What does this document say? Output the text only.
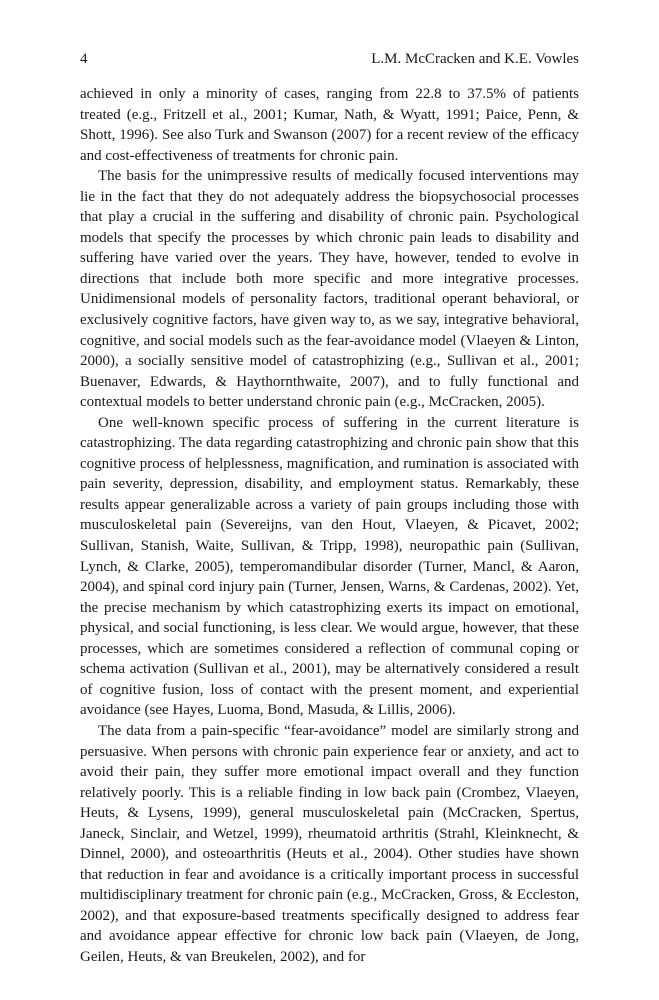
4	L.M. McCracken and K.E. Vowles

achieved in only a minority of cases, ranging from 22.8 to 37.5% of patients treated (e.g., Fritzell et al., 2001; Kumar, Nath, & Wyatt, 1991; Paice, Penn, & Shott, 1996). See also Turk and Swanson (2007) for a recent review of the efficacy and cost-effectiveness of treatments for chronic pain.

The basis for the unimpressive results of medically focused interventions may lie in the fact that they do not adequately address the biopsychosocial processes that play a crucial in the suffering and disability of chronic pain. Psychological models that specify the processes by which chronic pain leads to disability and suffering have varied over the years. They have, however, tended to evolve in directions that include both more specific and more integrative processes. Unidimensional models of personality factors, traditional operant behavioral, or exclusively cognitive factors, have given way to, as we say, integrative behavioral, cognitive, and social models such as the fear-avoidance model (Vlaeyen & Linton, 2000), a socially sensitive model of catastrophizing (e.g., Sullivan et al., 2001; Buenaver, Edwards, & Haythornthwaite, 2007), and to fully functional and contextual models to better understand chronic pain (e.g., McCracken, 2005).

One well-known specific process of suffering in the current literature is catastrophizing. The data regarding catastrophizing and chronic pain show that this cognitive process of helplessness, magnification, and rumination is associated with pain severity, depression, disability, and employment status. Remarkably, these results appear generalizable across a variety of pain groups including those with musculoskeletal pain (Severeijns, van den Hout, Vlaeyen, & Picavet, 2002; Sullivan, Stanish, Waite, Sullivan, & Tripp, 1998), neuropathic pain (Sullivan, Lynch, & Clarke, 2005), temperomandibular disorder (Turner, Mancl, & Aaron, 2004), and spinal cord injury pain (Turner, Jensen, Warns, & Cardenas, 2002). Yet, the precise mechanism by which catastrophizing exerts its impact on emotional, physical, and social functioning, is less clear. We would argue, however, that these processes, which are sometimes considered a reflection of communal coping or schema activation (Sullivan et al., 2001), may be alternatively considered a result of cognitive fusion, loss of contact with the present moment, and experiential avoidance (see Hayes, Luoma, Bond, Masuda, & Lillis, 2006).

The data from a pain-specific “fear-avoidance” model are similarly strong and persuasive. When persons with chronic pain experience fear or anxiety, and act to avoid their pain, they suffer more emotional impact overall and they function relatively poorly. This is a reliable finding in low back pain (Crombez, Vlaeyen, Heuts, & Lysens, 1999), general musculoskeletal pain (McCracken, Spertus, Janeck, Sinclair, and Wetzel, 1999), rheumatoid arthritis (Strahl, Kleinknecht, & Dinnel, 2000), and osteoarthritis (Heuts et al., 2004). Other studies have shown that reduction in fear and avoidance is a critically important process in successful multidisciplinary treatment for chronic pain (e.g., McCracken, Gross, & Eccleston, 2002), and that exposure-based treatments specifically designed to address fear and avoidance appear effective for chronic low back pain (Vlaeyen, de Jong, Geilen, Heuts, & van Breukelen, 2002), and for
